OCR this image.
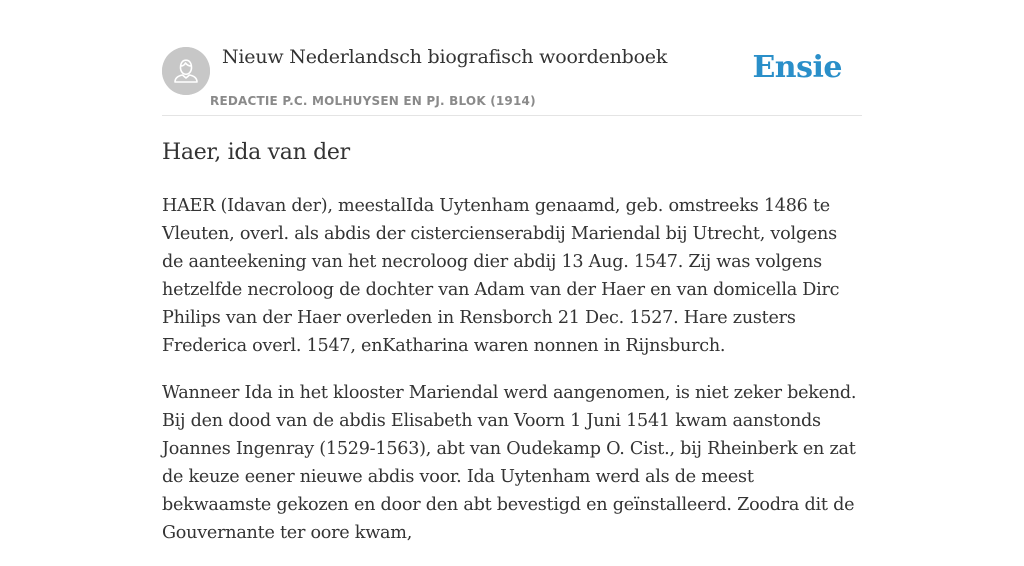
Nieuw Nederlandsch biografisch woordenboek
REDACTIE P.C. MOLHUYSEN EN PJ. BLOK (1914)
Ensie
Haer, ida van der

HAER (Idavan der), meestalIda Uytenham genaamd, geb. omstreeks 1486 te Vleuten, overl. als abdis der cistercienserabdij Mariendal bij Utrecht, volgens de aanteekening van het necroloog dier abdij 13 Aug. 1547. Zij was volgens hetzelfde necroloog de dochter van Adam van der Haer en van domicella Dirc Philips van der Haer overleden in Rensborch 21 Dec. 1527. Hare zusters Frederica overl. 1547, enKatharina waren nonnen in Rijnsburch.

Wanneer Ida in het klooster Mariendal werd aangenomen, is niet zeker bekend. Bij den dood van de abdis Elisabeth van Voorn 1 Juni 1541 kwam aanstonds Joannes Ingenray (1529-1563), abt van Oudekamp O. Cist., bij Rheinberk en zat de keuze eener nieuwe abdis voor. Ida Uytenham werd als de meest bekwaamste gekozen en door den abt bevestigd en geïnstalleerd. Zoodra dit de Gouvernante ter oore kwam,
